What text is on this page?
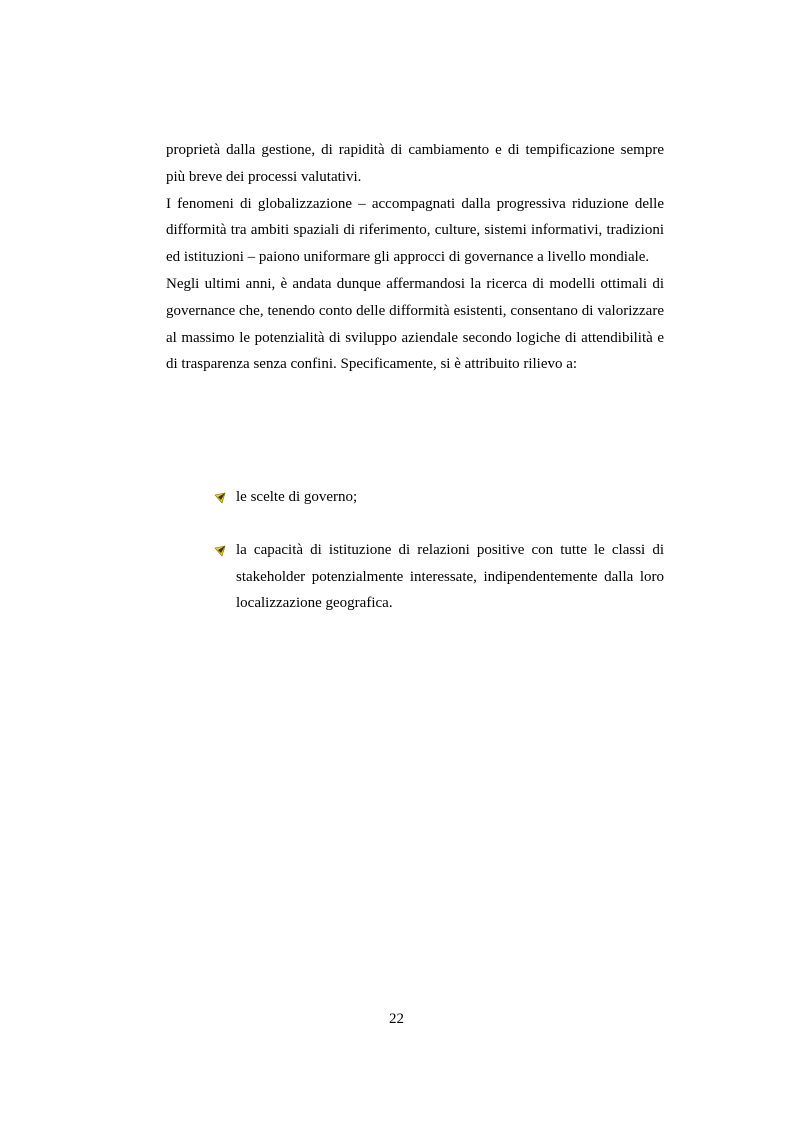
proprietà dalla gestione, di rapidità di cambiamento e di tempificazione sempre più breve dei processi valutativi.

I fenomeni di globalizzazione – accompagnati dalla progressiva riduzione delle difformità tra ambiti spaziali di riferimento, culture, sistemi informativi, tradizioni ed istituzioni – paiono uniformare gli approcci di governance a livello mondiale.

Negli ultimi anni, è andata dunque affermandosi la ricerca di modelli ottimali di governance che, tenendo conto delle difformità esistenti, consentano di valorizzare al massimo le potenzialità di sviluppo aziendale secondo logiche di attendibilità e di trasparenza senza confini. Specificamente, si è attribuito rilievo a:

le scelte di governo;
la capacità di istituzione di relazioni positive con tutte le classi di stakeholder potenzialmente interessate, indipendentemente dalla loro localizzazione geografica.
22
